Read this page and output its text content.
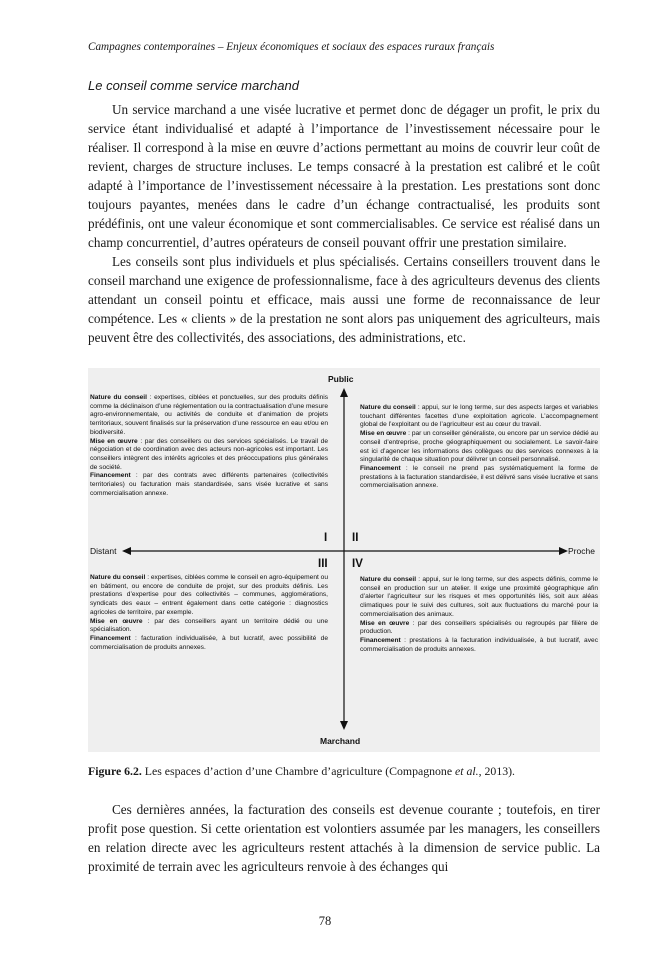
Campagnes contemporaines – Enjeux économiques et sociaux des espaces ruraux français
Le conseil comme service marchand

Un service marchand a une visée lucrative et permet donc de dégager un profit, le prix du service étant individualisé et adapté à l’importance de l’investissement nécessaire pour le réaliser. Il correspond à la mise en œuvre d’actions permettant au moins de couvrir leur coût de revient, charges de structure incluses. Le temps consacré à la prestation est calibré et le coût adapté à l’importance de l’investissement nécessaire à la prestation. Les prestations sont donc toujours payantes, menées dans le cadre d’un échange contractualisé, les produits sont prédéfinis, ont une valeur économique et sont commercialisables. Ce service est réalisé dans un champ concurrentiel, d’autres opérateurs de conseil pouvant offrir une prestation similaire.

Les conseils sont plus individuels et plus spécialisés. Certains conseillers trouvent dans le conseil marchand une exigence de professionnalisme, face à des agriculteurs devenus des clients attendant un conseil pointu et efficace, mais aussi une forme de reconnaissance de leur compétence. Les « clients » de la prestation ne sont alors pas uniquement des agriculteurs, mais peuvent être des collectivités, des associations, des administrations, etc.

Public
Marchand
Distant	Proche
I II
III IV

Nature du conseil : expertises, ciblées et ponctuelles, sur des produits définis comme la déclinaison d’une réglementation ou la contractualisation d’une mesure agro-environnementale, ou activités de conduite et d’animation de projets territoriaux, souvent finalisés sur la préservation d’une ressource en eau et/ou en biodiversité.

Mise en œuvre : par des conseillers ou des services spécialisés. Le travail de négociation et de coordination avec des acteurs non-agricoles est important. Les conseillers intègrent des intérêts agricoles et des préoccupations plus générales de société.

Financement : par des contrats avec différents partenaires (collectivités territoriales) ou facturation mais standardisée, sans visée lucrative et sans commercialisation annexe.

Nature du conseil : appui, sur le long terme, sur des aspects larges et variables touchant différentes facettes d’une exploitation agricole. L’accompagnement global de l’exploitant ou de l’agriculteur est au cœur du travail.

Mise en œuvre : par un conseiller généraliste, ou encore par un service dédié au conseil d’entreprise, proche géographiquement ou socialement. Le savoir-faire est ici d’agencer les informations des collègues ou des services connexes à la singularité de chaque situation pour délivrer un conseil personnalisé.

Financement : le conseil ne prend pas systématiquement la forme de prestations à la facturation standardisée, il est délivré sans visée lucrative et sans commercialisation annexe.

Nature du conseil : expertises, ciblées comme le conseil en agro-équipement ou en bâtiment, ou encore de conduite de projet, sur des produits définis. Les prestations d’expertise pour des collectivités – communes, agglomérations, syndicats des eaux – entrent également dans cette catégorie : diagnostics agricoles de territoire, par exemple.

Mise en œuvre : par des conseillers ayant un territoire dédié ou une spécialisation.

Financement : facturation individualisée, à but lucratif, avec possibilité de commercialisation de produits annexes.

Nature du conseil : appui, sur le long terme, sur des aspects définis, comme le conseil en production sur un atelier. Il exige une proximité géographique afin d’alerter l’agriculteur sur les risques et mes opportunités liés, soit aux aléas climatiques pour le suivi des cultures, soit aux fluctuations du marché pour la commercialisation des animaux.

Mise en œuvre : par des conseillers spécialisés ou regroupés par filière de production.

Financement : prestations à la facturation individualisée, à but lucratif, avec commercialisation de produits annexes.

Figure 6.2. Les espaces d’action d’une Chambre d’agriculture (Compagnone et al., 2013).

Ces dernières années, la facturation des conseils est devenue courante ; toutefois, en tirer profit pose question. Si cette orientation est volontiers assumée par les managers, les conseillers en relation directe avec les agriculteurs restent attachés à la dimension de service public. La proximité de terrain avec les agriculteurs renvoie à des échanges qui

78
